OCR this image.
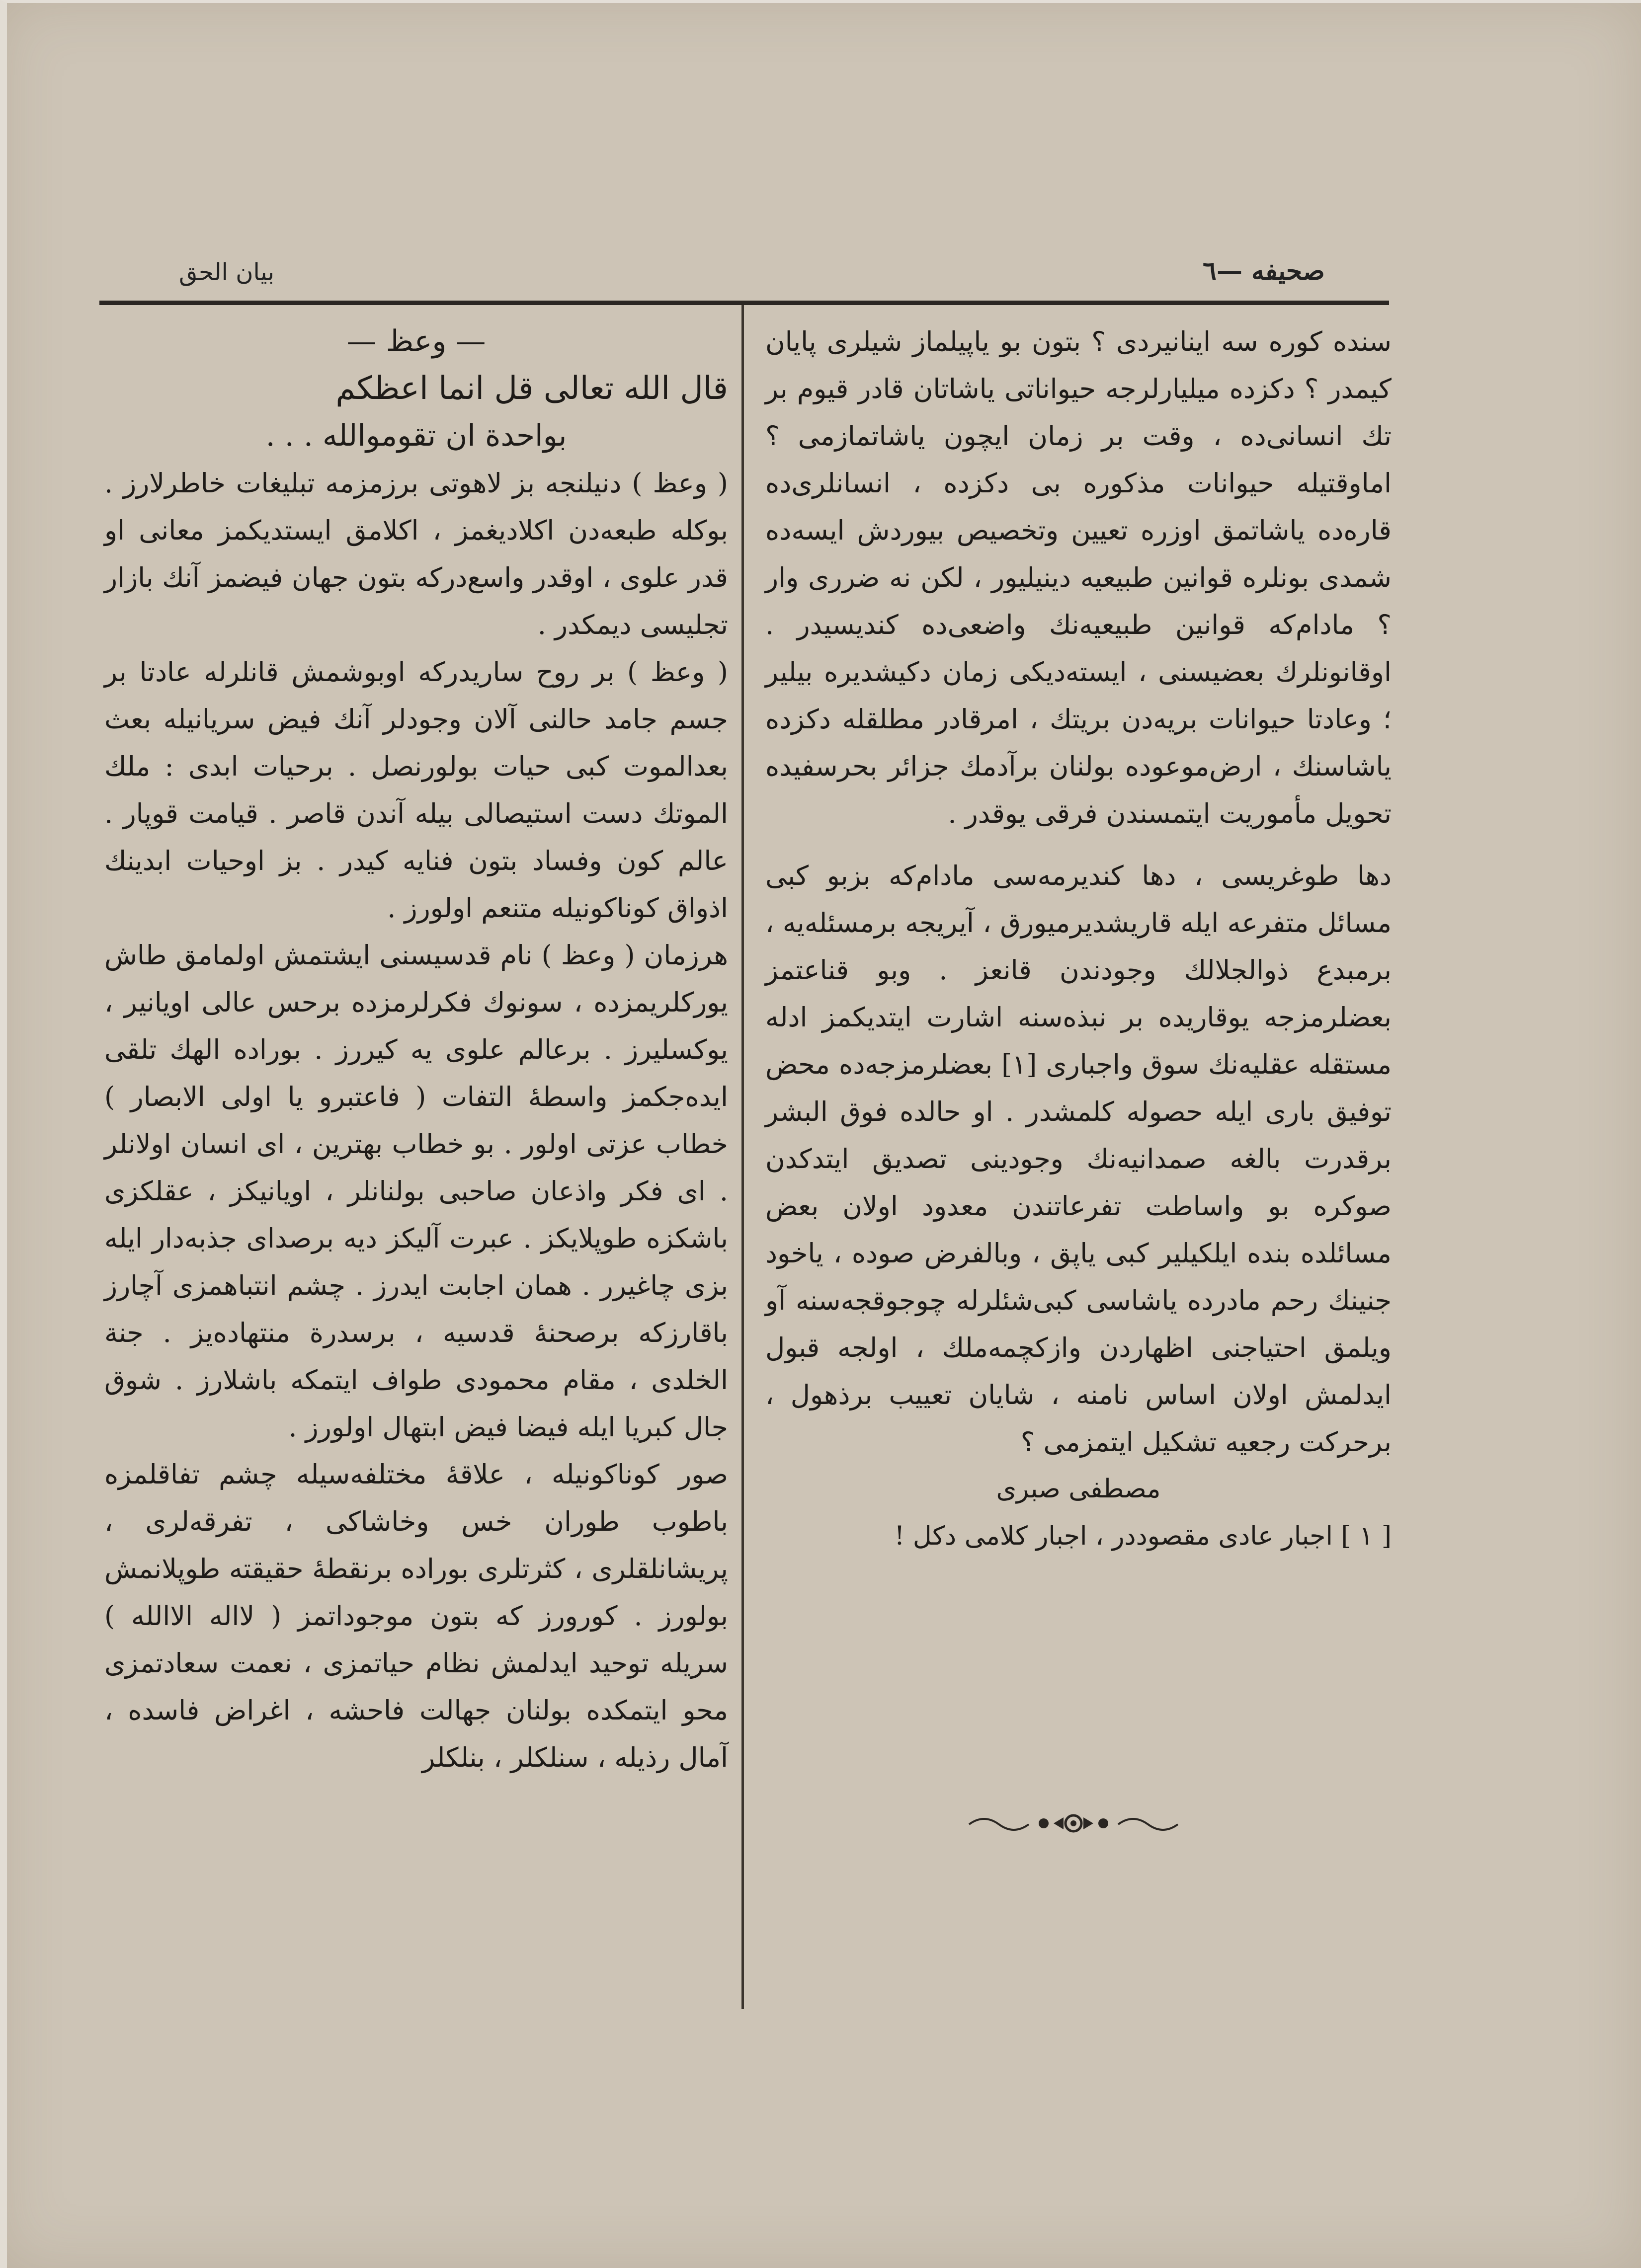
بیان الحق	صحیفه —٦

سنده کوره سه اینانیردی ؟ بتون بو یاپیلماز شیلری پایان کیمدر ؟ دکزده میلیارلرجه حیواناتی یاشاتان قادر قیوم بر تك انسانی‌ده ، وقت بر زمان ایچون یاشاتمازمی ؟ اماوقتیله حیوانات مذکوره بی دکزده ، انسانلری‌ده قاره‌ده یاشاتمق اوزره تعیین وتخصیص بیوردش ایسه‌ده شمدی بونلره قوانین طبیعیه دینیلیور ، لکن نه ضرری وار ؟ مادام‌که قوانین طبیعیه‌نك واضعی‌ده کندیسیدر . اوقانونلرك بعضیسنی ، ایسته‌دیکی زمان دکیشدیره بیلیر ؛ وعادتا حیوانات بریه‌دن بریتك ، امرقادر مطلقله دکزده یاشاسنك ، ارض‌موعوده بولنان برآدمك جزائر بحرسفیده تحویل مأموریت ایتمسندن فرقی یوقدر .

دها طوغریسی ، دها کندیرمه‌سی مادام‌که بزبو کبی مسائل متفرعه ایله قاریشدیرمیورق ، آیریجه برمسئله‌یه ، برمبدع ذوالجلالك وجودندن قانعز . وبو قناعتمز بعضلرمزجه یوقاریده بر نبذه‌سنه اشارت ایتدیکمز ادله مستقله عقلیه‌نك سوق واجباری [١] بعضلرمزجه‌ده محض توفیق باری ایله حصوله کلمشدر . او حالده فوق البشر برقدرت بالغه صمدانیه‌نك وجودینی تصدیق ایتدکدن صوکره بو واساطت تفرعاتندن معدود اولان بعض مسائلده بنده ایلکیلیر کبی یاپق ، وبالفرض صوده ، یاخود جنینك رحم مادرده یاشاسی کبی‌شئلرله چوجوقجه‌سنه آو ویلمق احتیاجنی اظهاردن وازکچمه‌ملك ، اولجه قبول ایدلمش اولان اساس نامنه ، شایان تعییب برذهول ، برحرکت رجعیه تشکیل ایتمزمی ؟

مصطفی صبری

[ ١ ] اجبار عادی مقصوددر ، اجبار کلامی دکل !

— وعظ —

قال الله تعالی قل انما اعظکم

بواحدة ان تقوموالله . . .

( وعظ ) دنیلنجه بز لاهوتی برزمزمه تبلیغات خاطرلارز . بوکله طبعه‌دن اکلادیغمز ، اکلامق ایستدیکمز معانی او قدر علوی ، اوقدر واسع‌درکه بتون جهان فیضمز آنك بازار تجلیسی دیمکدر .

( وعظ ) بر روح ساریدرکه اوبوشمش قانلرله عادتا بر جسم جامد حالنی آلان وجودلر آنك فیض سریانیله بعث بعدالموت کبی حیات بولورنصل . برحیات ابدی : ملك الموتك دست استیصالی بیله آندن قاصر . قیامت قوپار . عالم کون وفساد بتون فنایه کیدر . بز اوحیات ابدینك اذواق کوناکونیله متنعم اولورز .

هرزمان ( وعظ ) نام قدسیسنی ایشتمش اولمامق طاش یورکلریمزده ، سونوك فکرلرمزده برحس عالی اویانیر ، یوکسلیرز . برعالم علوی یه کیررز . بوراده الهك تلقی ایده‌جکمز واسطهٔ التفات ( فاعتبرو یا اولی الابصار ) خطاب عزتی اولور . بو خطاب بهترین ، ای انسان اولانلر . ای فکر واذعان صاحبی بولنانلر ، اویانیکز ، عقلکزی باشکزه طوپلایکز . عبرت آلیکز دیه برصدای جذبه‌دار ایله بزی چاغیرر . همان اجابت ایدرز . چشم انتباهمزی آچارز باقارزکه برصحنهٔ قدسیه ، برسدرة منتهاده‌یز . جنة الخلدی ، مقام محمودی طواف ایتمکه باشلارز . شوق جال کبریا ایله فیضا فیض ابتهال اولورز .

صور کوناکونیله ، علاقهٔ مختلفه‌سیله چشم تفاقلمزه باطوب طوران خس وخاشاکی ، تفرقه‌لری ، پریشانلقلری ، کثرتلری بوراده برنقطهٔ حقیقته طوپلانمش بولورز . کورورز که بتون موجوداتمز ( لااله الاالله ) سریله توحید ایدلمش نظام حیاتمزی ، نعمت سعادتمزی محو ایتمکده بولنان جهالت فاحشه ، اغراض فاسده ، آمال رذیله ، سنلکلر ، بنلکلر
